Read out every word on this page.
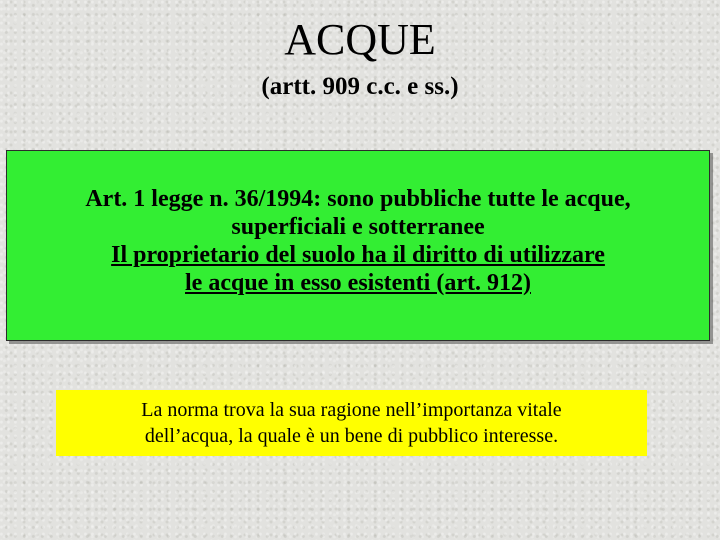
ACQUE
(artt. 909 c.c. e ss.)
Art. 1 legge n. 36/1994: sono pubbliche tutte le acque,
superficiali e sotterranee
Il proprietario del suolo ha il diritto di utilizzare
le acque in esso esistenti (art. 912)
La norma trova la sua ragione nell’importanza vitale
dell’acqua, la quale è un bene di pubblico interesse.
